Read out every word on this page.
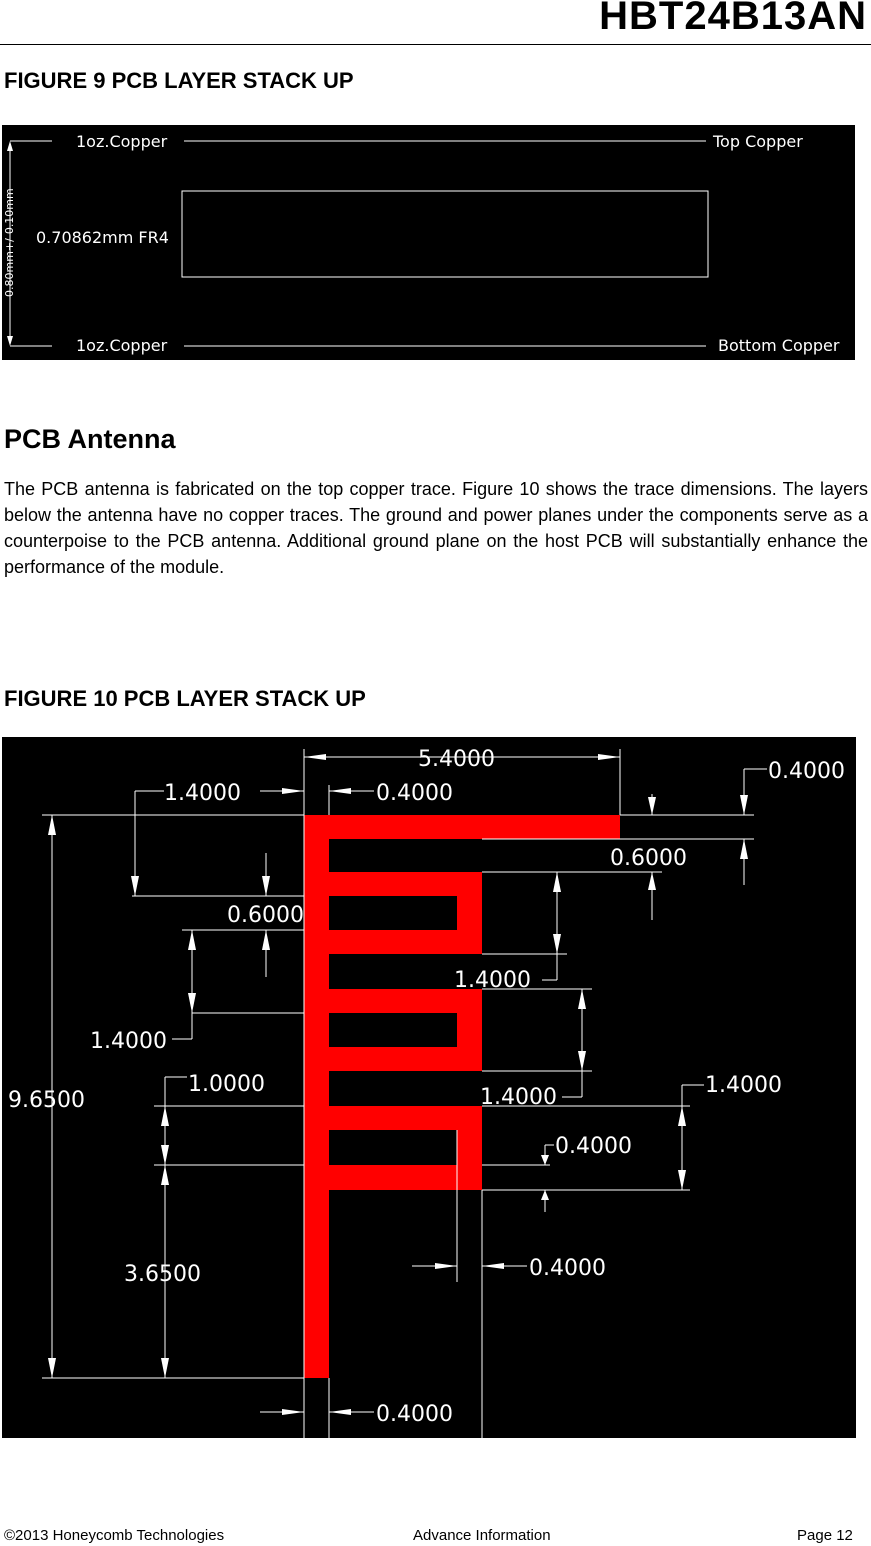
HBT24B13AN
FIGURE 9 PCB LAYER STACK UP
0.80mm+/-0.10mm
1oz.Copper	Top Copper
0.70862mm FR4
1oz.Copper	Bottom Copper
PCB Antenna
The PCB antenna is fabricated on the top copper trace. Figure 10 shows the trace dimensions. The layers below the antenna have no copper traces. The ground and power planes under the components serve as a counterpoise to the PCB antenna. Additional ground plane on the host PCB will substantially enhance the performance of the module.
FIGURE 10 PCB LAYER STACK UP
5.4000
1.4000	0.4000
0.4000
0.6000
0.6000
1.4000
1.4000
1.0000
1.4000	1.4000
0.4000
9.6500
3.6500	0.4000
0.4000
©2013 Honeycomb Technologies	Advance Information	Page 12
